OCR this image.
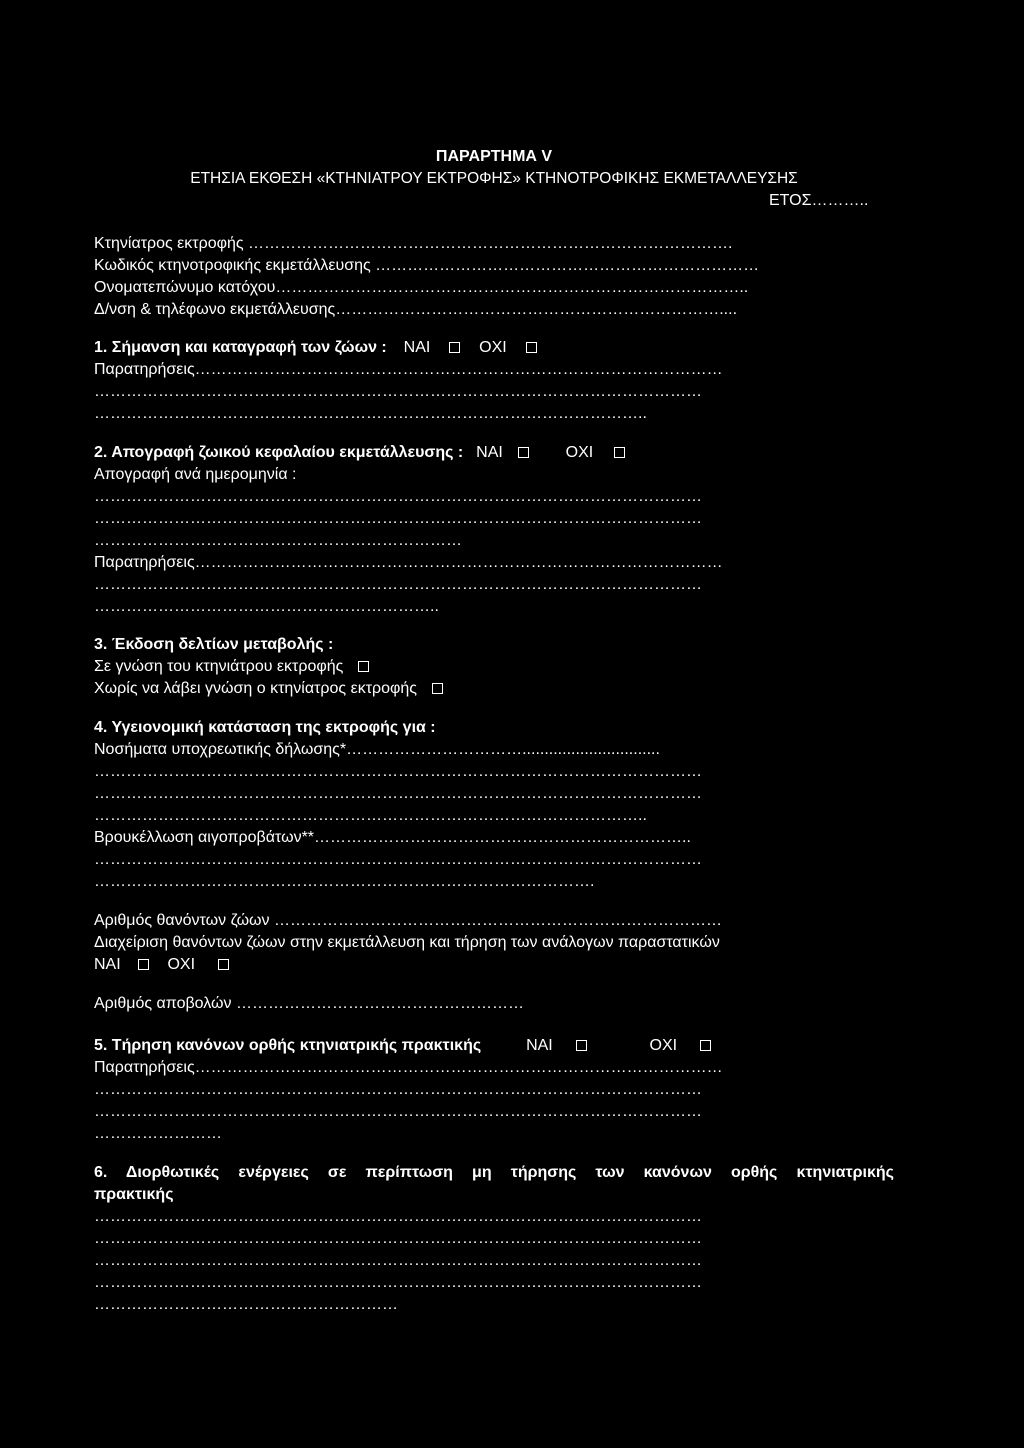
ΠΑΡΑΡΤΗΜΑ V
ΕΤΗΣΙΑ ΕΚΘΕΣΗ «ΚΤΗΝΙΑΤΡΟΥ ΕΚΤΡΟΦΗΣ» ΚΤΗΝΟΤΡΟΦΙΚΗΣ ΕΚΜΕΤΑΛΛΕΥΣΗΣ
ΕΤΟΣ………..
Κτηνίατρος εκτροφής ……………………………………………………………………………….
Κωδικός κτηνοτροφικής εκμετάλλευσης ………………………………………………………………
Ονοματεπώνυμο κατόχου……………………………………………………………………………..
Δ/νση & τηλέφωνο εκμετάλλευσης………………………………………………………………....
1. Σήμανση και καταγραφή των ζώων : ΝΑΙ	ΟΧΙ
Παρατηρήσεις………………………………………………………………………………………
……………………………………………………………………………………………………
…………………………………………………………………………………………..
2. Απογραφή ζωικού κεφαλαίου εκμετάλλευσης : ΝΑΙ	ΟΧΙ
Απογραφή ανά ημερομηνία :
……………………………………………………………………………………………………
……………………………………………………………………………………………………
……………………………………………………………
Παρατηρήσεις………………………………………………………………………………………
……………………………………………………………………………………………………
………………………………………………………..
3. Έκδοση δελτίων μεταβολής :
Σε γνώση του κτηνιάτρου εκτροφής
Χωρίς να λάβει γνώση ο κτηνίατρος εκτροφής
4. Υγειονομική κατάσταση της εκτροφής για :
Νοσήματα υποχρεωτικής δήλωσης*……………………………...............................
……………………………………………………………………………………………………
……………………………………………………………………………………………………
…………………………………………………………………………………………..
Βρουκέλλωση αιγοπροβάτων**……………………………………………………………..
……………………………………………………………………………………………………
………………………………………………………………………………….
Αριθμός θανόντων ζώων …………………………………………………………………………
Διαχείριση θανόντων ζώων στην εκμετάλλευση και τήρηση των ανάλογων παραστατικών
ΝΑΙ	ΟΧΙ
Αριθμός αποβολών ………………………………………………
5. Τήρηση κανόνων ορθής κτηνιατρικής πρακτικής	ΝΑΙ	ΟΧΙ
Παρατηρήσεις………………………………………………………………………………………
……………………………………………………………………………………………………
……………………………………………………………………………………………………
……………………
6. Διορθωτικές ενέργειες σε περίπτωση μη τήρησης των κανόνων ορθής κτηνιατρικής
πρακτικής
……………………………………………………………………………………………………
……………………………………………………………………………………………………
……………………………………………………………………………………………………
……………………………………………………………………………………………………
…………………………………………………
